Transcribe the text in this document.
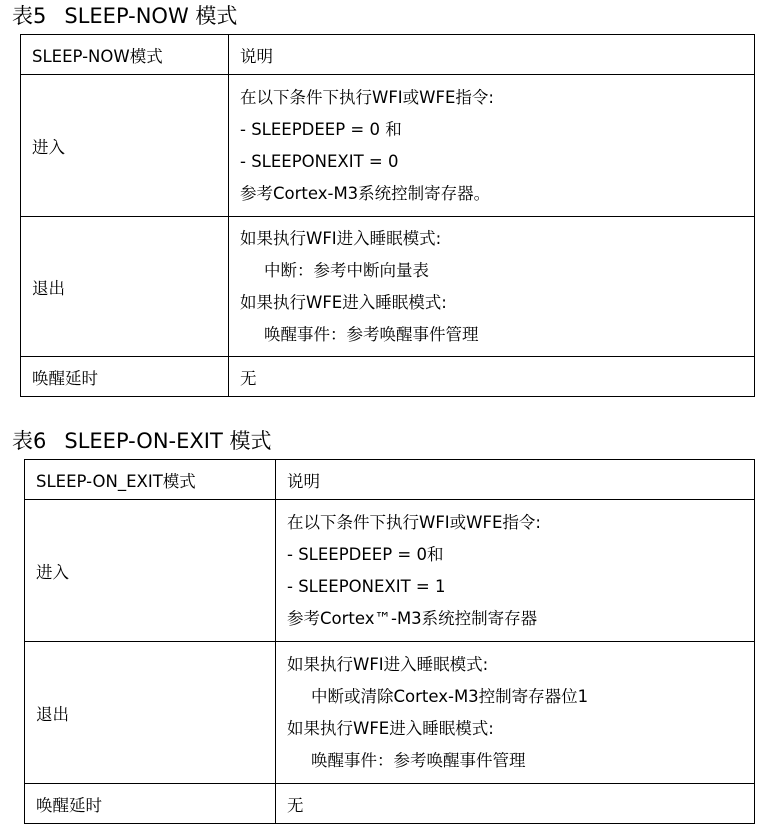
表5 SLEEP-NOW 模式
SLEEP-NOW模式	说明
进入	在以下条件下执行WFI或WFE指令:
- SLEEPDEEP = 0 和
- SLEEPONEXIT = 0
参考Cortex-M3系统控制寄存器。

退出	如果执行WFI进入睡眠模式:
中断：参考中断向量表
如果执行WFE进入睡眠模式:
唤醒事件：参考唤醒事件管理

唤醒延时	无
表6 SLEEP-ON-EXIT 模式
SLEEP-ON_EXIT模式	说明
进入	在以下条件下执行WFI或WFE指令:
- SLEEPDEEP = 0和
- SLEEPONEXIT = 1
参考Cortex™-M3系统控制寄存器

退出	如果执行WFI进入睡眠模式:
中断或清除Cortex-M3控制寄存器位1
如果执行WFE进入睡眠模式:
唤醒事件：参考唤醒事件管理

唤醒延时	无
